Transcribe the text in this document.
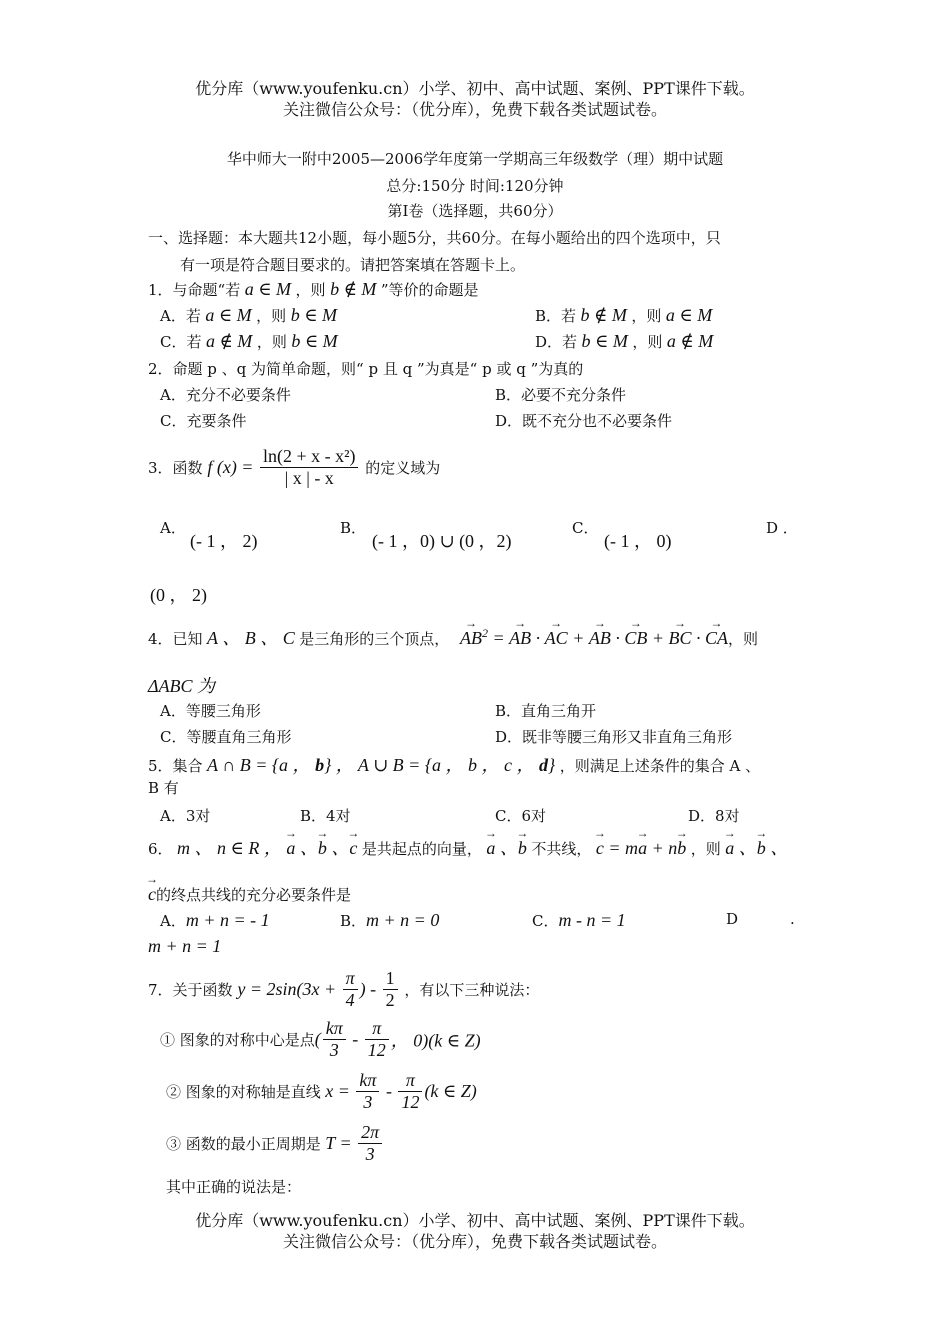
优分库（www.youfenku.cn）小学、初中、高中试题、案例、PPT课件下载。
关注微信公众号：（优分库），免费下载各类试题试卷。
华中师大一附中2005—2006学年度第一学期高三年级数学（理）期中试题
总分:150分 时间:120分钟
第Ⅰ卷（选择题，共60分）
一、选择题：本大题共12小题，每小题5分，共60分。在每小题给出的四个选项中，只
有一项是符合题目要求的。请把答案填在答题卡上。
1．与命题“若 a ∈ M ，则 b ∉ M ”等价的命题是
A．若 a ∈ M ，则 b ∈ M	B．若 b ∉ M ，则 a ∈ M
C．若 a ∉ M ，则 b ∈ M	D．若 b ∈ M ，则 a ∉ M
2．命题 p 、q 为简单命题，则“ p 且 q ”为真是“ p 或 q ”为真的
A．充分不必要条件	B．必要不充分条件
C．充要条件	D．既不充分也不必要条件
3．函数 f $(x) = \frac{\text{ln(2 + x - x²)}}{| x | - x}$ 的定义域为
A．
(- 1 ， 2)
B．
(- 1 ，0) ∪ (0 ，2)
C．
(- 1 ， 0)
D ．
(0 ， 2)
4．已知 A 、 B 、 C 是三角形的三个顶点， → $AB^2$ = → AB · → AC + → AB · → CB + → BC · → CA，则
ΔABC 为
A．等腰三角形	B．直角三角开
C．等腰直角三角形	D．既非等腰三角形又非直角三角形
5．集合 A ∩ B = {a ， b} ， A ∪ B = {a ， b ， c ， d} ，则满足上述条件的集合 A 、
B 有
A．3对	B．4对	C．6对	D．8对
6． m 、 n ∈ R ， → a 、→ b 、→ c 是共起点的向量， → a 、→ b 不共线， → c = m→ a + n→ b ，则 → a 、→ b 、
→ c的终点共线的充分必要条件是
A．m + n = - 1	B．m + n = 0	C．m - n = 1	D	.
m + n = 1
7．关于函数 $y = 2\sin(3x + \frac{\pi}{4}$ ) - $\frac{1}{2}$ ，有以下三种说法：
① 图象的对称中心是点( $\frac{k\pi}{3} - \frac{\pi}{12}$ ， 0)(k ∈ Z)
② 图象的对称轴是直线 $x = \frac{k\pi}{3} - \frac{\pi}{12} (k$ ∈ Z)
③ 函数的最小正周期是 $T = \frac{2\pi}{3}$
其中正确的说法是：
优分库（www.youfenku.cn）小学、初中、高中试题、案例、PPT课件下载。
关注微信公众号：（优分库），免费下载各类试题试卷。
